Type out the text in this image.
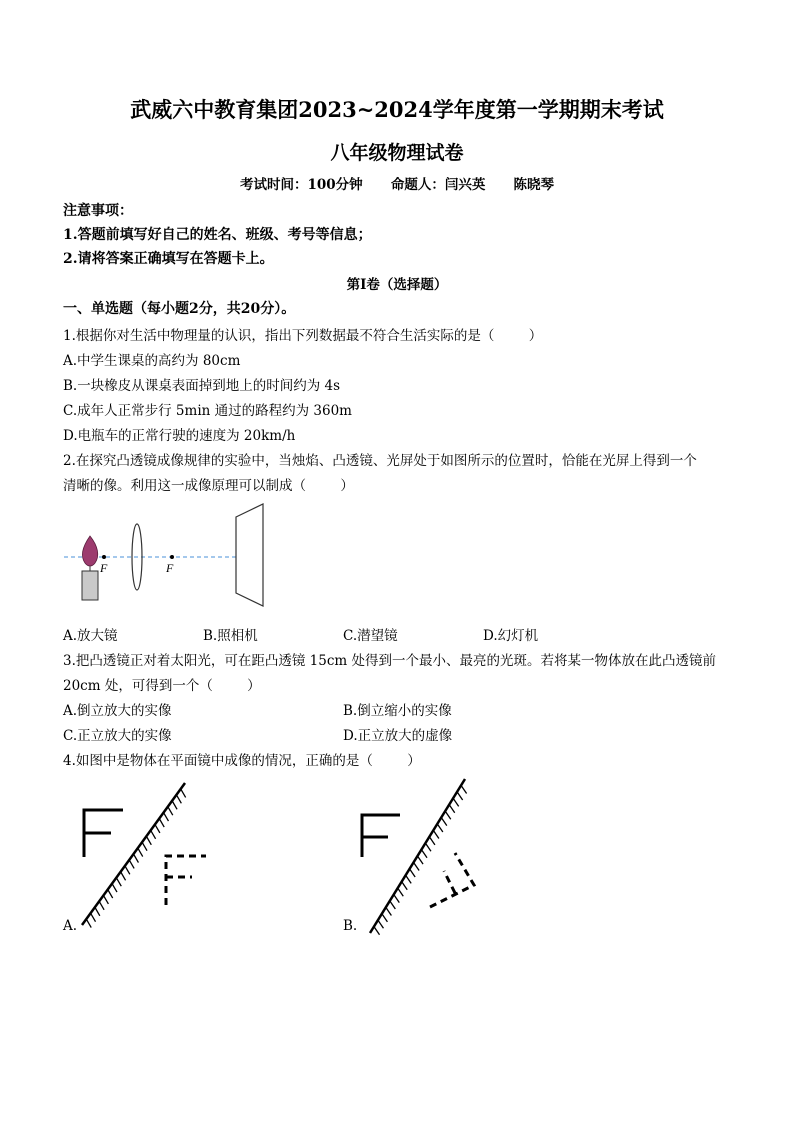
武威六中教育集团2023~2024学年度第一学期期末考试
八年级物理试卷
考试时间：100分钟      命题人：闫兴英      陈晓琴
注意事项：
1.答题前填写好自己的姓名、班级、考号等信息；
2.请将答案正确填写在答题卡上。
第Ⅰ卷（选择题）
一、单选题（每小题2分，共20分）。
1.根据你对生活中物理量的认识，指出下列数据最不符合生活实际的是（        ）
A.中学生课桌的高约为 80cm
B.一块橡皮从课桌表面掉到地上的时间约为 4s
C.成年人正常步行 5min 通过的路程约为 360m
D.电瓶车的正常行驶的速度为 20km/h
2.在探究凸透镜成像规律的实验中，当烛焰、凸透镜、光屏处于如图所示的位置时，恰能在光屏上得到一个
清晰的像。利用这一成像原理可以制成（        ）
F	F
A.放大镜	B.照相机	C.潜望镜	D.幻灯机
3.把凸透镜正对着太阳光，可在距凸透镜 15cm 处得到一个最小、最亮的光斑。若将某一物体放在此凸透镜前
20cm 处，可得到一个（        ）
A.倒立放大的实像	B.倒立缩小的实像
C.正立放大的实像	D.正立放大的虚像
4.如图中是物体在平面镜中成像的情况，正确的是（        ）
A.	B.
